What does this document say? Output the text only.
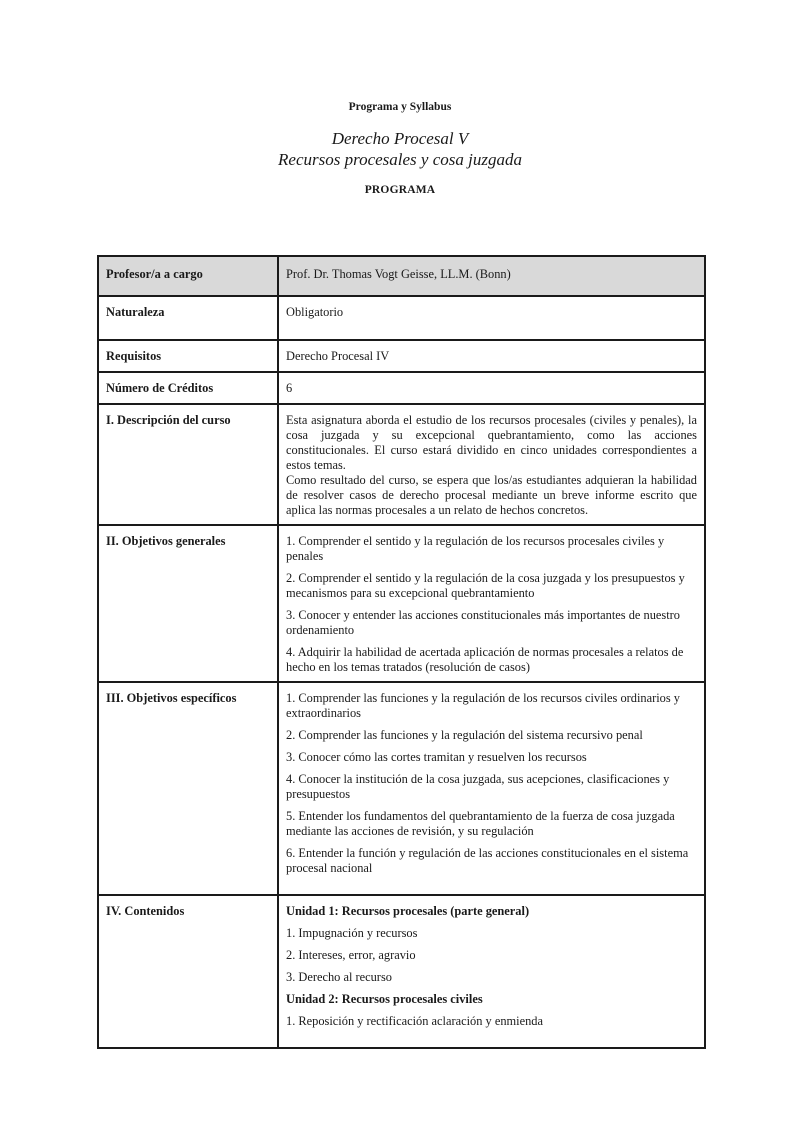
Programa y Syllabus
Derecho Procesal V
Recursos procesales y cosa juzgada
PROGRAMA
Profesor/a a cargo	Prof. Dr. Thomas Vogt Geisse, LL.M. (Bonn)
Naturaleza	Obligatorio
Requisitos	Derecho Procesal IV
Número de Créditos	6
I. Descripción del curso	Esta asignatura aborda el estudio de los recursos procesales (civiles y penales), la cosa juzgada y su excepcional quebrantamiento, como las acciones constitucionales. El curso estará dividido en cinco unidades correspondientes a estos temas.
Como resultado del curso, se espera que los/as estudiantes adquieran la habilidad de resolver casos de derecho procesal mediante un breve informe escrito que aplica las normas procesales a un relato de hechos concretos.

II. Objetivos generales	1. Comprender el sentido y la regulación de los recursos procesales civiles y penales
2. Comprender el sentido y la regulación de la cosa juzgada y los presupuestos y mecanismos para su excepcional quebrantamiento
3. Conocer y entender las acciones constitucionales más importantes de nuestro ordenamiento
4. Adquirir la habilidad de acertada aplicación de normas procesales a relatos de hecho en los temas tratados (resolución de casos)

III. Objetivos específicos	1. Comprender las funciones y la regulación de los recursos civiles ordinarios y extraordinarios
2. Comprender las funciones y la regulación del sistema recursivo penal
3. Conocer cómo las cortes tramitan y resuelven los recursos
4. Conocer la institución de la cosa juzgada, sus acepciones, clasificaciones y presupuestos
5. Entender los fundamentos del quebrantamiento de la fuerza de cosa juzgada mediante las acciones de revisión, y su regulación
6. Entender la función y regulación de las acciones constitucionales en el sistema procesal nacional

IV. Contenidos	Unidad 1: Recursos procesales (parte general)
1. Impugnación y recursos
2. Intereses, error, agravio
3. Derecho al recurso
Unidad 2: Recursos procesales civiles
1. Reposición y rectificación aclaración y enmienda
